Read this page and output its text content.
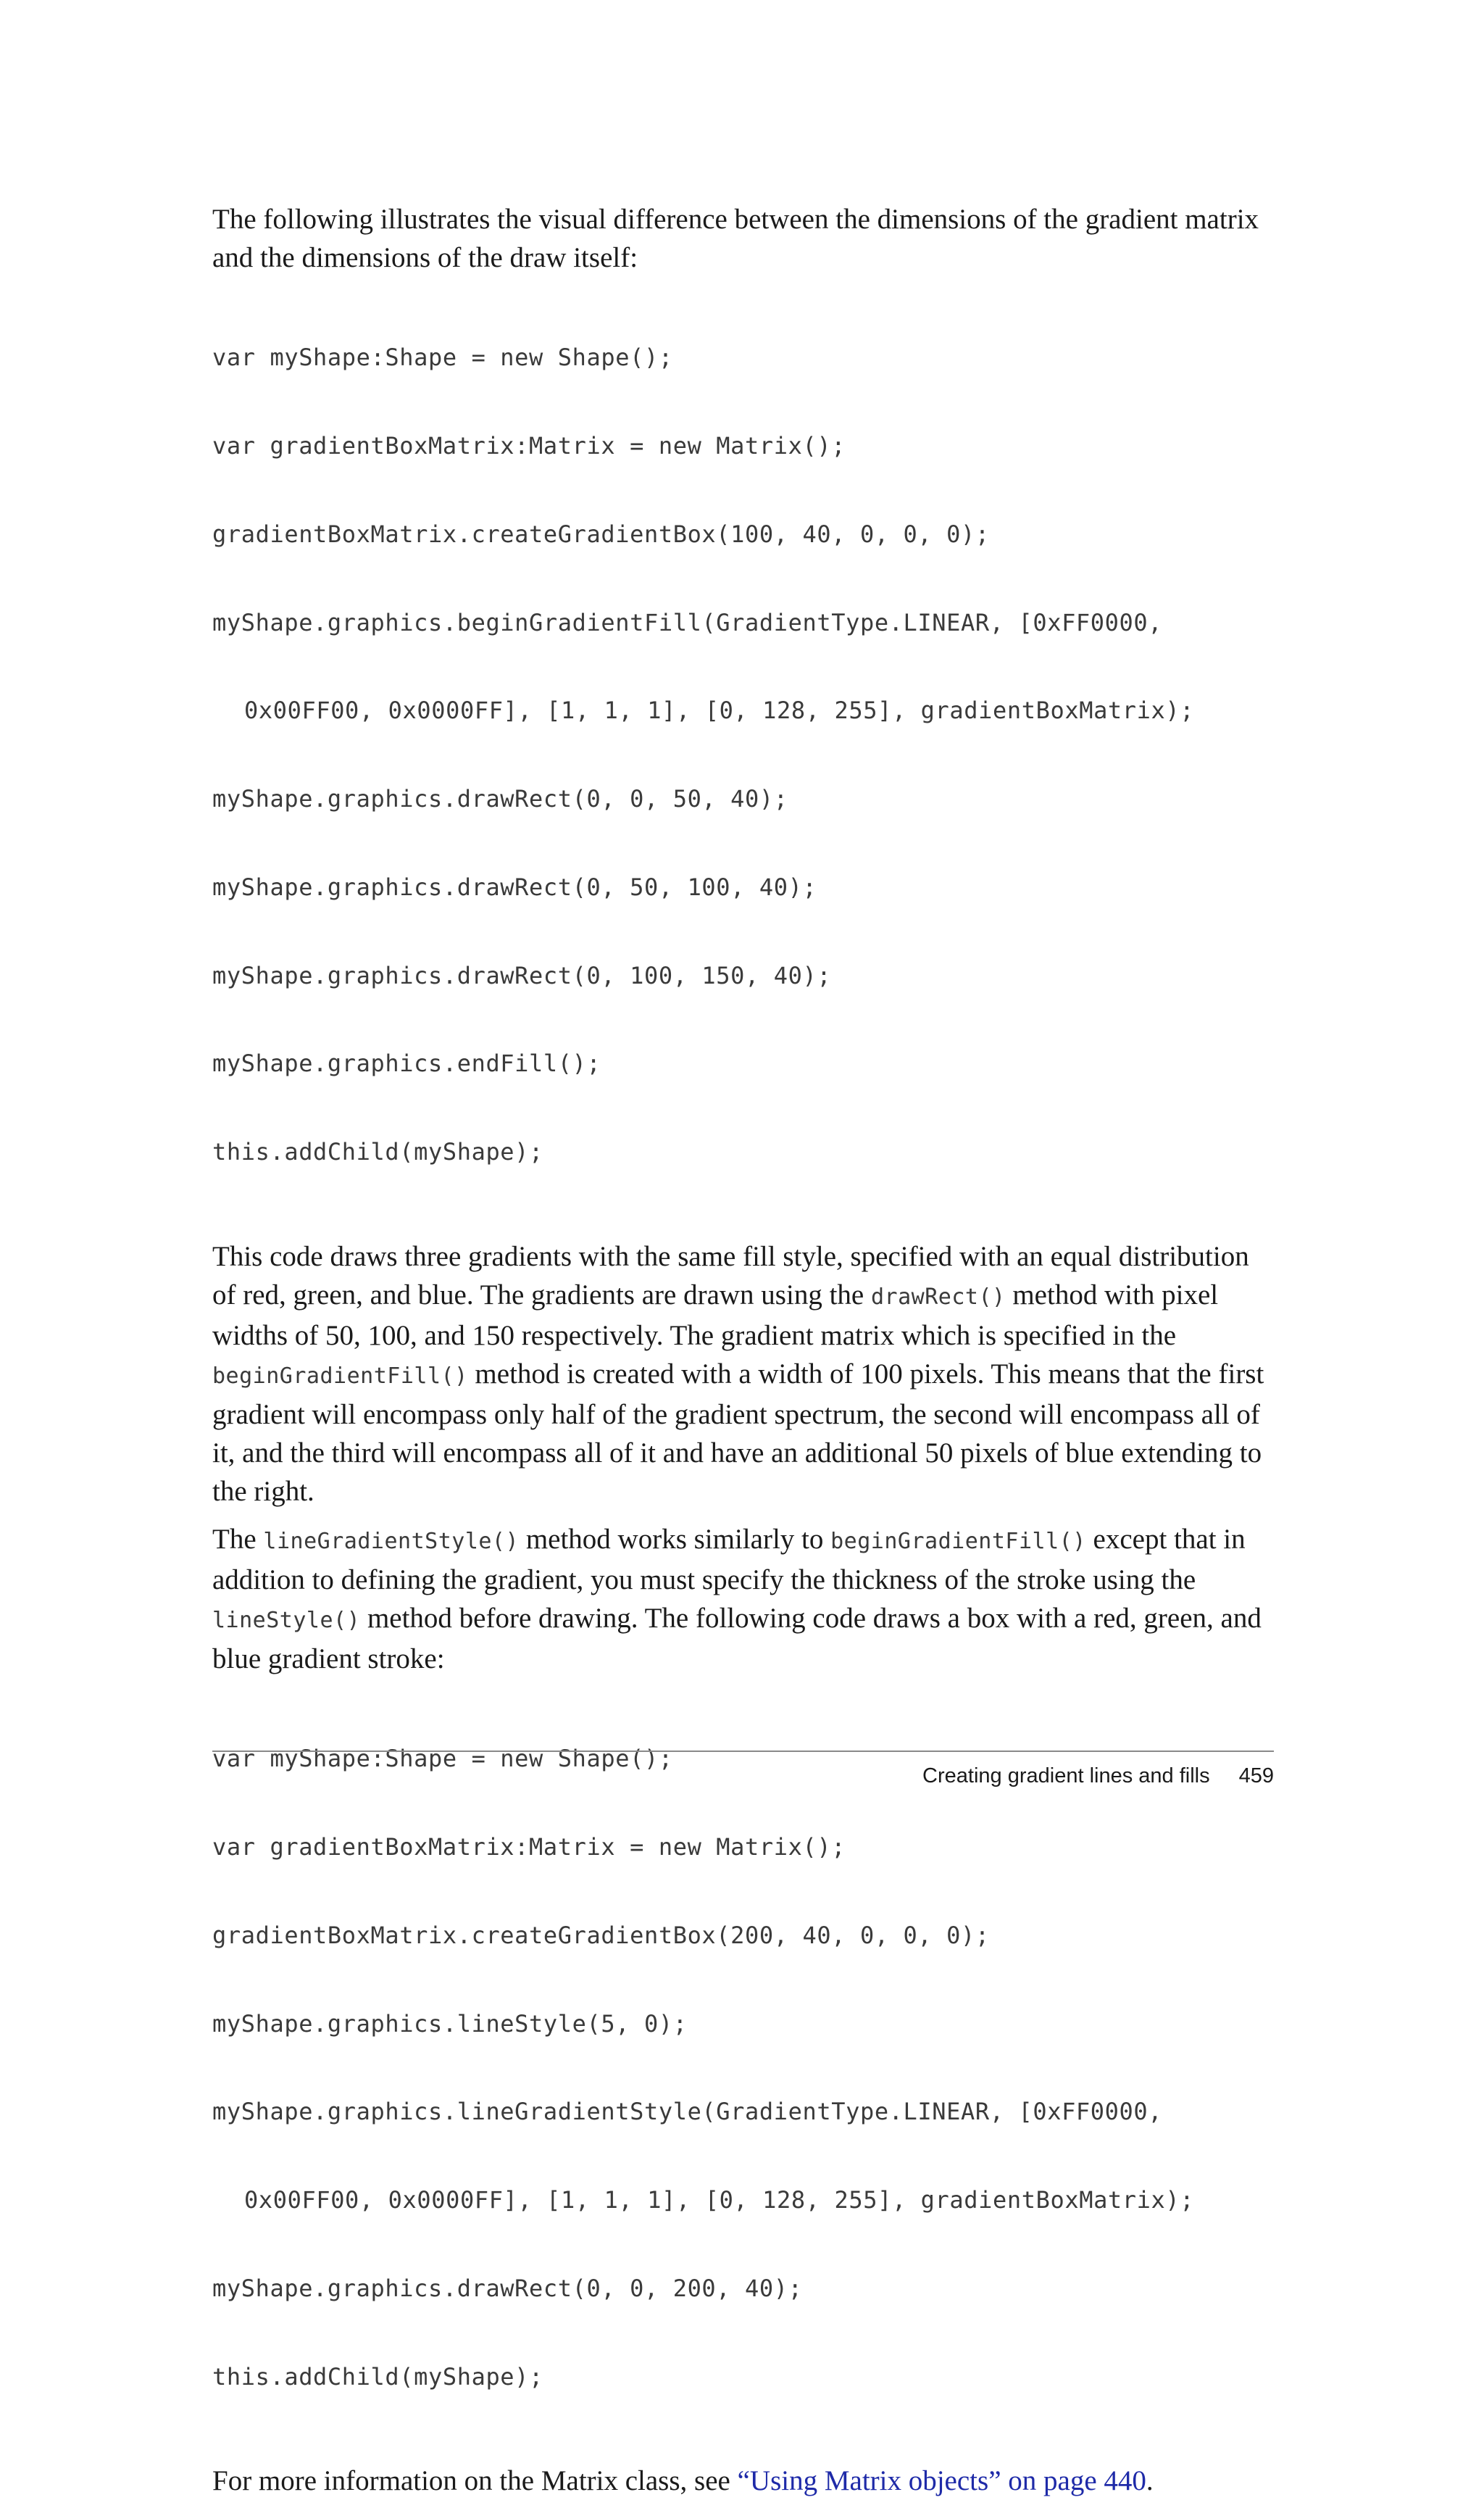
The following illustrates the visual difference between the dimensions of the gradient matrix and the dimensions of the draw itself:

var myShape:Shape = new Shape();

var gradientBoxMatrix:Matrix = new Matrix();

gradientBoxMatrix.createGradientBox(100, 40, 0, 0, 0);

myShape.graphics.beginGradientFill(GradientType.LINEAR, [0xFF0000,

0x00FF00, 0x0000FF], [1, 1, 1], [0, 128, 255], gradientBoxMatrix);

myShape.graphics.drawRect(0, 0, 50, 40);

myShape.graphics.drawRect(0, 50, 100, 40);

myShape.graphics.drawRect(0, 100, 150, 40);

myShape.graphics.endFill();

this.addChild(myShape);

This code draws three gradients with the same fill style, specified with an equal distribution of red, green, and blue. The gradients are drawn using the drawRect() method with pixel widths of 50, 100, and 150 respectively. The gradient matrix which is specified in the beginGradientFill() method is created with a width of 100 pixels. This means that the first gradient will encompass only half of the gradient spectrum, the second will encompass all of it, and the third will encompass all of it and have an additional 50 pixels of blue extending to the right.

The lineGradientStyle() method works similarly to beginGradientFill() except that in addition to defining the gradient, you must specify the thickness of the stroke using the lineStyle() method before drawing. The following code draws a box with a red, green, and blue gradient stroke:

var myShape:Shape = new Shape();

var gradientBoxMatrix:Matrix = new Matrix();

gradientBoxMatrix.createGradientBox(200, 40, 0, 0, 0);

myShape.graphics.lineStyle(5, 0);

myShape.graphics.lineGradientStyle(GradientType.LINEAR, [0xFF0000,

0x00FF00, 0x0000FF], [1, 1, 1], [0, 128, 255], gradientBoxMatrix);

myShape.graphics.drawRect(0, 0, 200, 40);

this.addChild(myShape);

For more information on the Matrix class, see “Using Matrix objects” on page 440.

Creating gradient lines and fills 459
